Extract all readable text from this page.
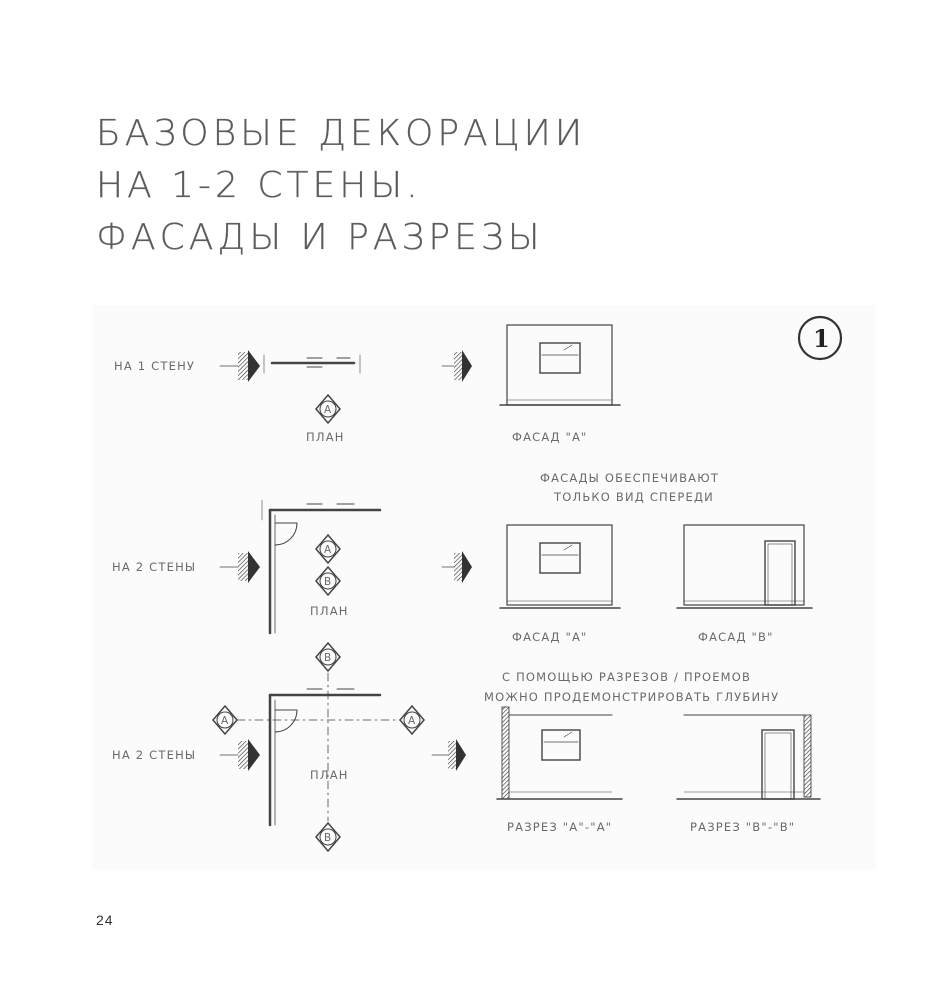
БАЗОВЫЕ ДЕКОРАЦИИ
НА 1-2 СТЕНЫ.
ФАСАДЫ И РАЗРЕЗЫ
НА 1 СТЕНУ
A
ПЛАН	ФАСАД "А"
1
ФАСАДЫ ОБЕСПЕЧИВАЮТ
ТОЛЬКО ВИД СПЕРЕДИ
НА 2 СТЕНЫ
A
B
ПЛАН
ФАСАД "А"	ФАСАД "B"
С ПОМОЩЬЮ РАЗРЕЗОВ / ПРОЕМОВ
МОЖНО ПРОДЕМОНСТРИРОВАТЬ ГЛУБИНУ
НА 2 СТЕНЫ
B
A	A
ПЛАН
B
РАЗРЕЗ "А"-"А"	РАЗРЕЗ "B"-"B"
24
